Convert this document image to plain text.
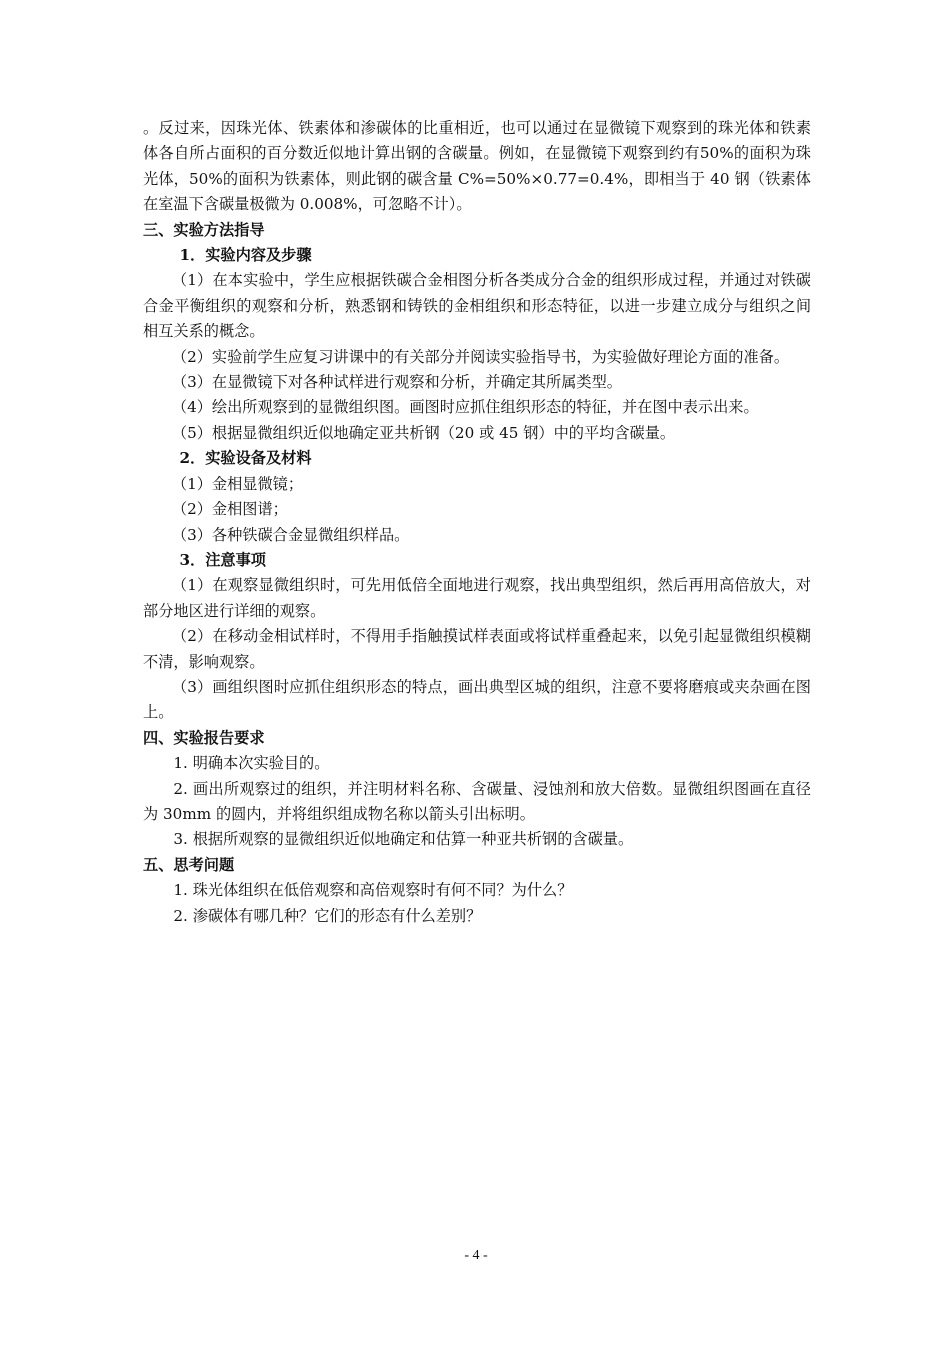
。反过来，因珠光体、铁素体和渗碳体的比重相近，也可以通过在显微镜下观察到的珠光体和铁素体各自所占面积的百分数近似地计算出钢的含碳量。例如，在显微镜下观察到约有50%的面积为珠光体，50%的面积为铁素体，则此钢的碳含量 C%=50%×0.77=0.4%，即相当于 40 钢（铁素体在室温下含碳量极微为 0.008%，可忽略不计）。

三、实验方法指导

1．实验内容及步骤

（1）在本实验中，学生应根据铁碳合金相图分析各类成分合金的组织形成过程，并通过对铁碳合金平衡组织的观察和分析，熟悉钢和铸铁的金相组织和形态特征，以进一步建立成分与组织之间相互关系的概念。

（2）实验前学生应复习讲课中的有关部分并阅读实验指导书，为实验做好理论方面的准备。

（3）在显微镜下对各种试样进行观察和分析，并确定其所属类型。

（4）绘出所观察到的显微组织图。画图时应抓住组织形态的特征，并在图中表示出来。

（5）根据显微组织近似地确定亚共析钢（20 或 45 钢）中的平均含碳量。

2．实验设备及材料

（1）金相显微镜；

（2）金相图谱；

（3）各种铁碳合金显微组织样品。

3．注意事项

（1）在观察显微组织时，可先用低倍全面地进行观察，找出典型组织，然后再用高倍放大，对部分地区进行详细的观察。

（2）在移动金相试样时，不得用手指触摸试样表面或将试样重叠起来，以免引起显微组织模糊不清，影响观察。

（3）画组织图时应抓住组织形态的特点，画出典型区城的组织，注意不要将磨痕或夹杂画在图上。

四、实验报告要求

1. 明确本次实验目的。

2. 画出所观察过的组织，并注明材料名称、含碳量、浸蚀剂和放大倍数。显微组织图画在直径为 30mm 的圆内，并将组织组成物名称以箭头引出标明。

3. 根据所观察的显微组织近似地确定和估算一种亚共析钢的含碳量。

五、思考问题

1. 珠光体组织在低倍观察和高倍观察时有何不同？为什么？

2. 渗碳体有哪几种？它们的形态有什么差别？

- 4 -
